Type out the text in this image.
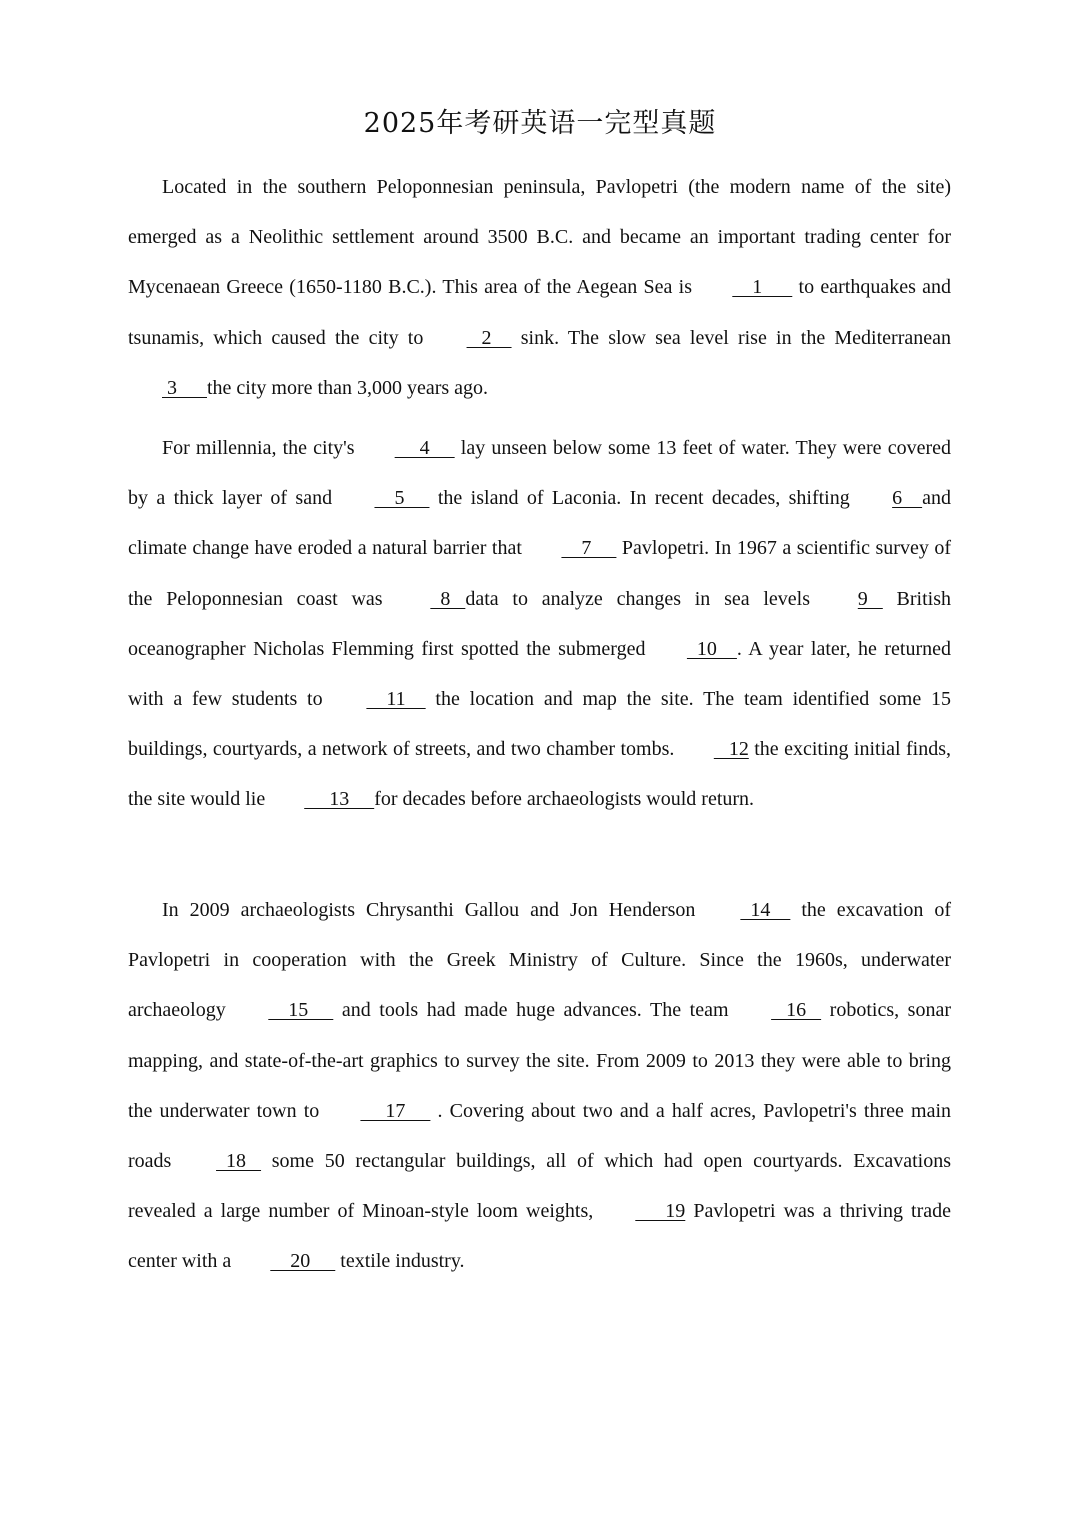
2025年考研英语一完型真题

Located in the southern Peloponnesian peninsula, Pavlopetri (the modern name of the site) emerged as a Neolithic settlement around 3500 B.C. and became an important trading center for Mycenaean Greece (1650-1180 B.C.). This area of the Aegean Sea is     1       to earthquakes and tsunamis, which caused the city to    2     sink. The slow sea level rise in the Mediterranean  3      the city more than 3,000 years ago.

For millennia, the city's      4      lay unseen below some 13 feet of water. They were covered by a thick layer of sand     5      the island of Laconia. In recent decades, shifting 6    and climate change have eroded a natural barrier that     7      Pavlopetri. In 1967 a scientific survey of the Peloponnesian coast was   8   data to analyze changes in sea levels 9    British oceanographer Nicholas Flemming first spotted the submerged   10    . A year later, he returned with a few students to     11     the location and map the site. The team identified some 15 buildings, courtyards, a network of streets, and two chamber tombs.    12 the exciting initial finds, the site would lie      13     for decades before archaeologists would return.

In 2009 archaeologists Chrysanthi Gallou and Jon Henderson   14     the excavation of Pavlopetri in cooperation with the Greek Ministry of Culture. Since the 1960s, underwater archaeology     15      and tools had made huge advances. The team    16    robotics, sonar mapping, and state-of-the-art graphics to survey the site. From 2009 to 2013 they were able to bring the underwater town to      17      . Covering about two and a half acres, Pavlopetri's three main roads   18    some 50 rectangular buildings, all of which had open courtyards. Excavations revealed a large number of Minoan-style loom weights,       19 Pavlopetri was a thriving trade center with a     20      textile industry.
